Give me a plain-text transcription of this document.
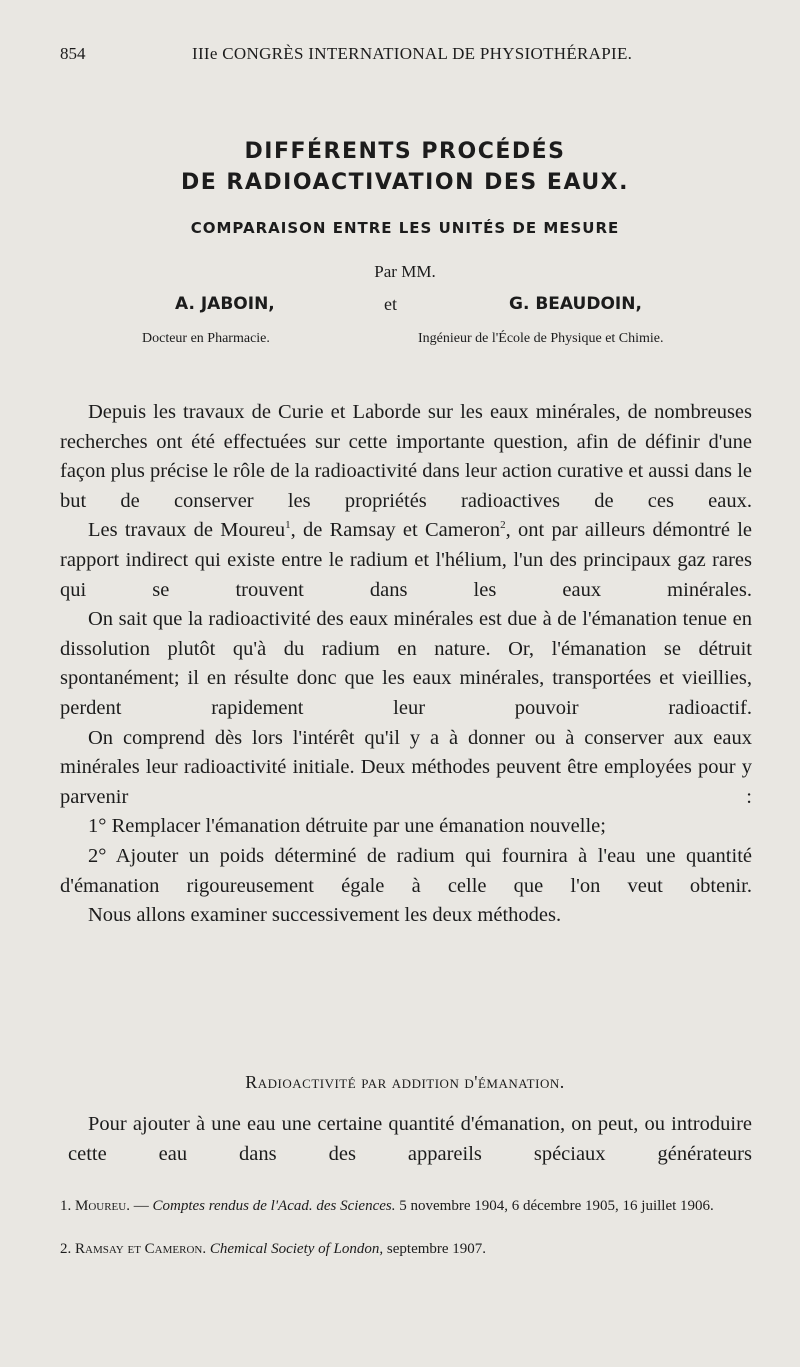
854	IIIe CONGRÈS INTERNATIONAL DE PHYSIOTHÉRAPIE.
DIFFÉRENTS PROCÉDÉS
DE RADIOACTIVATION DES EAUX.
COMPARAISON ENTRE LES UNITÉS DE MESURE
Par MM.
A. JABOIN,	et	G. BEAUDOIN,
Docteur en Pharmacie.	Ingénieur de l'École de Physique et Chimie.

Depuis les travaux de Curie et Laborde sur les eaux minérales, de nombreuses recherches ont été effectuées sur cette importante question, afin de définir d'une façon plus précise le rôle de la radioactivité dans leur action curative et aussi dans le but de conserver les propriétés radioactives de ces eaux.

Les travaux de Moureu$^1$, de Ramsay et Cameron$^2$, ont par ailleurs démontré le rapport indirect qui existe entre le radium et l'hélium, l'un des principaux gaz rares qui se trouvent dans les eaux minérales.

On sait que la radioactivité des eaux minérales est due à de l'émanation tenue en dissolution plutôt qu'à du radium en nature. Or, l'émanation se détruit spontanément; il en résulte donc que les eaux minérales, transportées et vieillies, perdent rapidement leur pouvoir radioactif.

On comprend dès lors l'intérêt qu'il y a à donner ou à conserver aux eaux minérales leur radioactivité initiale. Deux méthodes peuvent être employées pour y parvenir :

1° Remplacer l'émanation détruite par une émanation nouvelle;

2° Ajouter un poids déterminé de radium qui fournira à l'eau une quantité d'émanation rigoureusement égale à celle que l'on veut obtenir.

Nous allons examiner successivement les deux méthodes.

Radioactivité par addition d'émanation.

Pour ajouter à une eau une certaine quantité d'émanation, on peut, ou introduire cette eau dans des appareils spéciaux générateurs

1. Moureu. — Comptes rendus de l'Acad. des Sciences. 5 novembre 1904, 6 décembre 1905, 16 juillet 1906.
2. Ramsay et Cameron. Chemical Society of London, septembre 1907.
